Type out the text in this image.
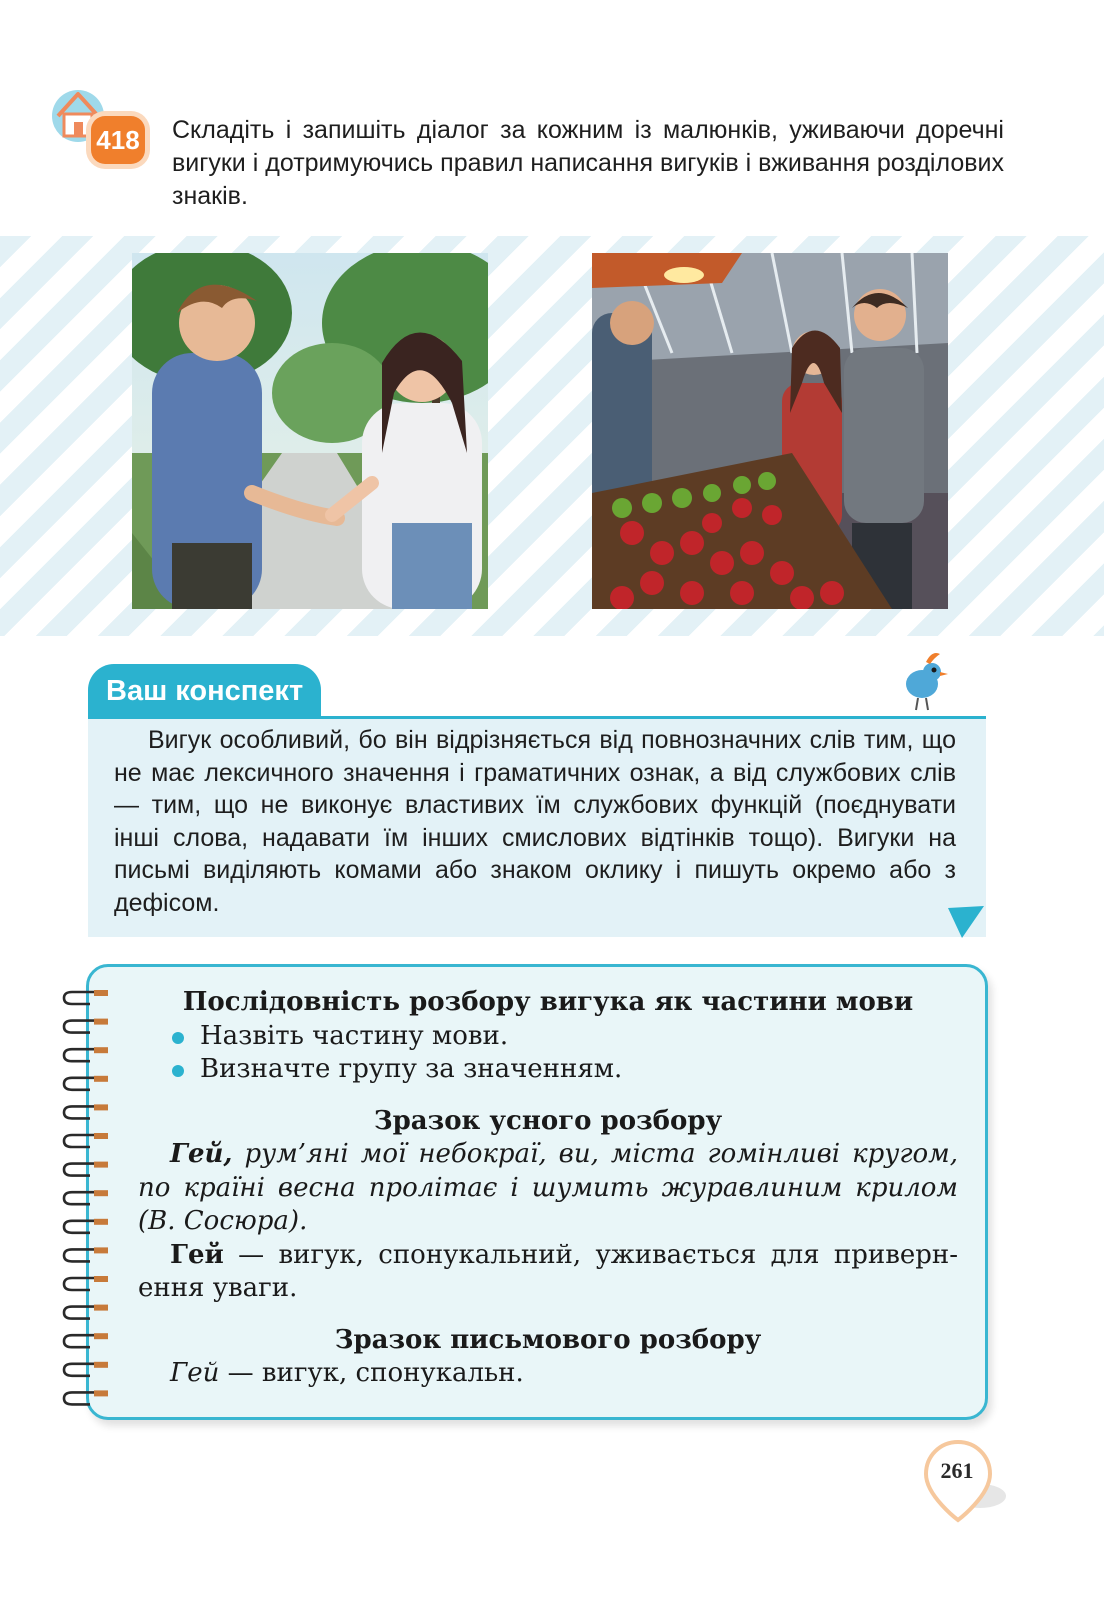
418 Складіть і запишіть діалог за кожним із малюнків, уживаючи доречні вигуки і дотримуючись правил написання вигуків і вживання розділових знаків.
Ваш конспект
Вигук особливий, бо він відрізняється від повнозначних слів тим, що не має лексичного значення і граматичних ознак, а від службових слів — тим, що не виконує властивих їм службових функцій (поєднувати інші слова, надавати їм інших смислових відтінків тощо). Вигуки на письмі виділяють комами або знаком оклику і пишуть окремо або з дефісом.
Послідовність розбору вигука як частини мови
Назвіть частину мови.
Визначте групу за значенням.
Зразок усного розбору
Гей, рум’яні мої небокраї, ви, міста гомінливі кругом, по країні весна пролітає і шумить журавлиним крилом (В. Сосюра).
Гей — вигук, спонукальний, уживається для привернення уваги.
Зразок письмового розбору
Гей — вигук, спонукальн.
261
